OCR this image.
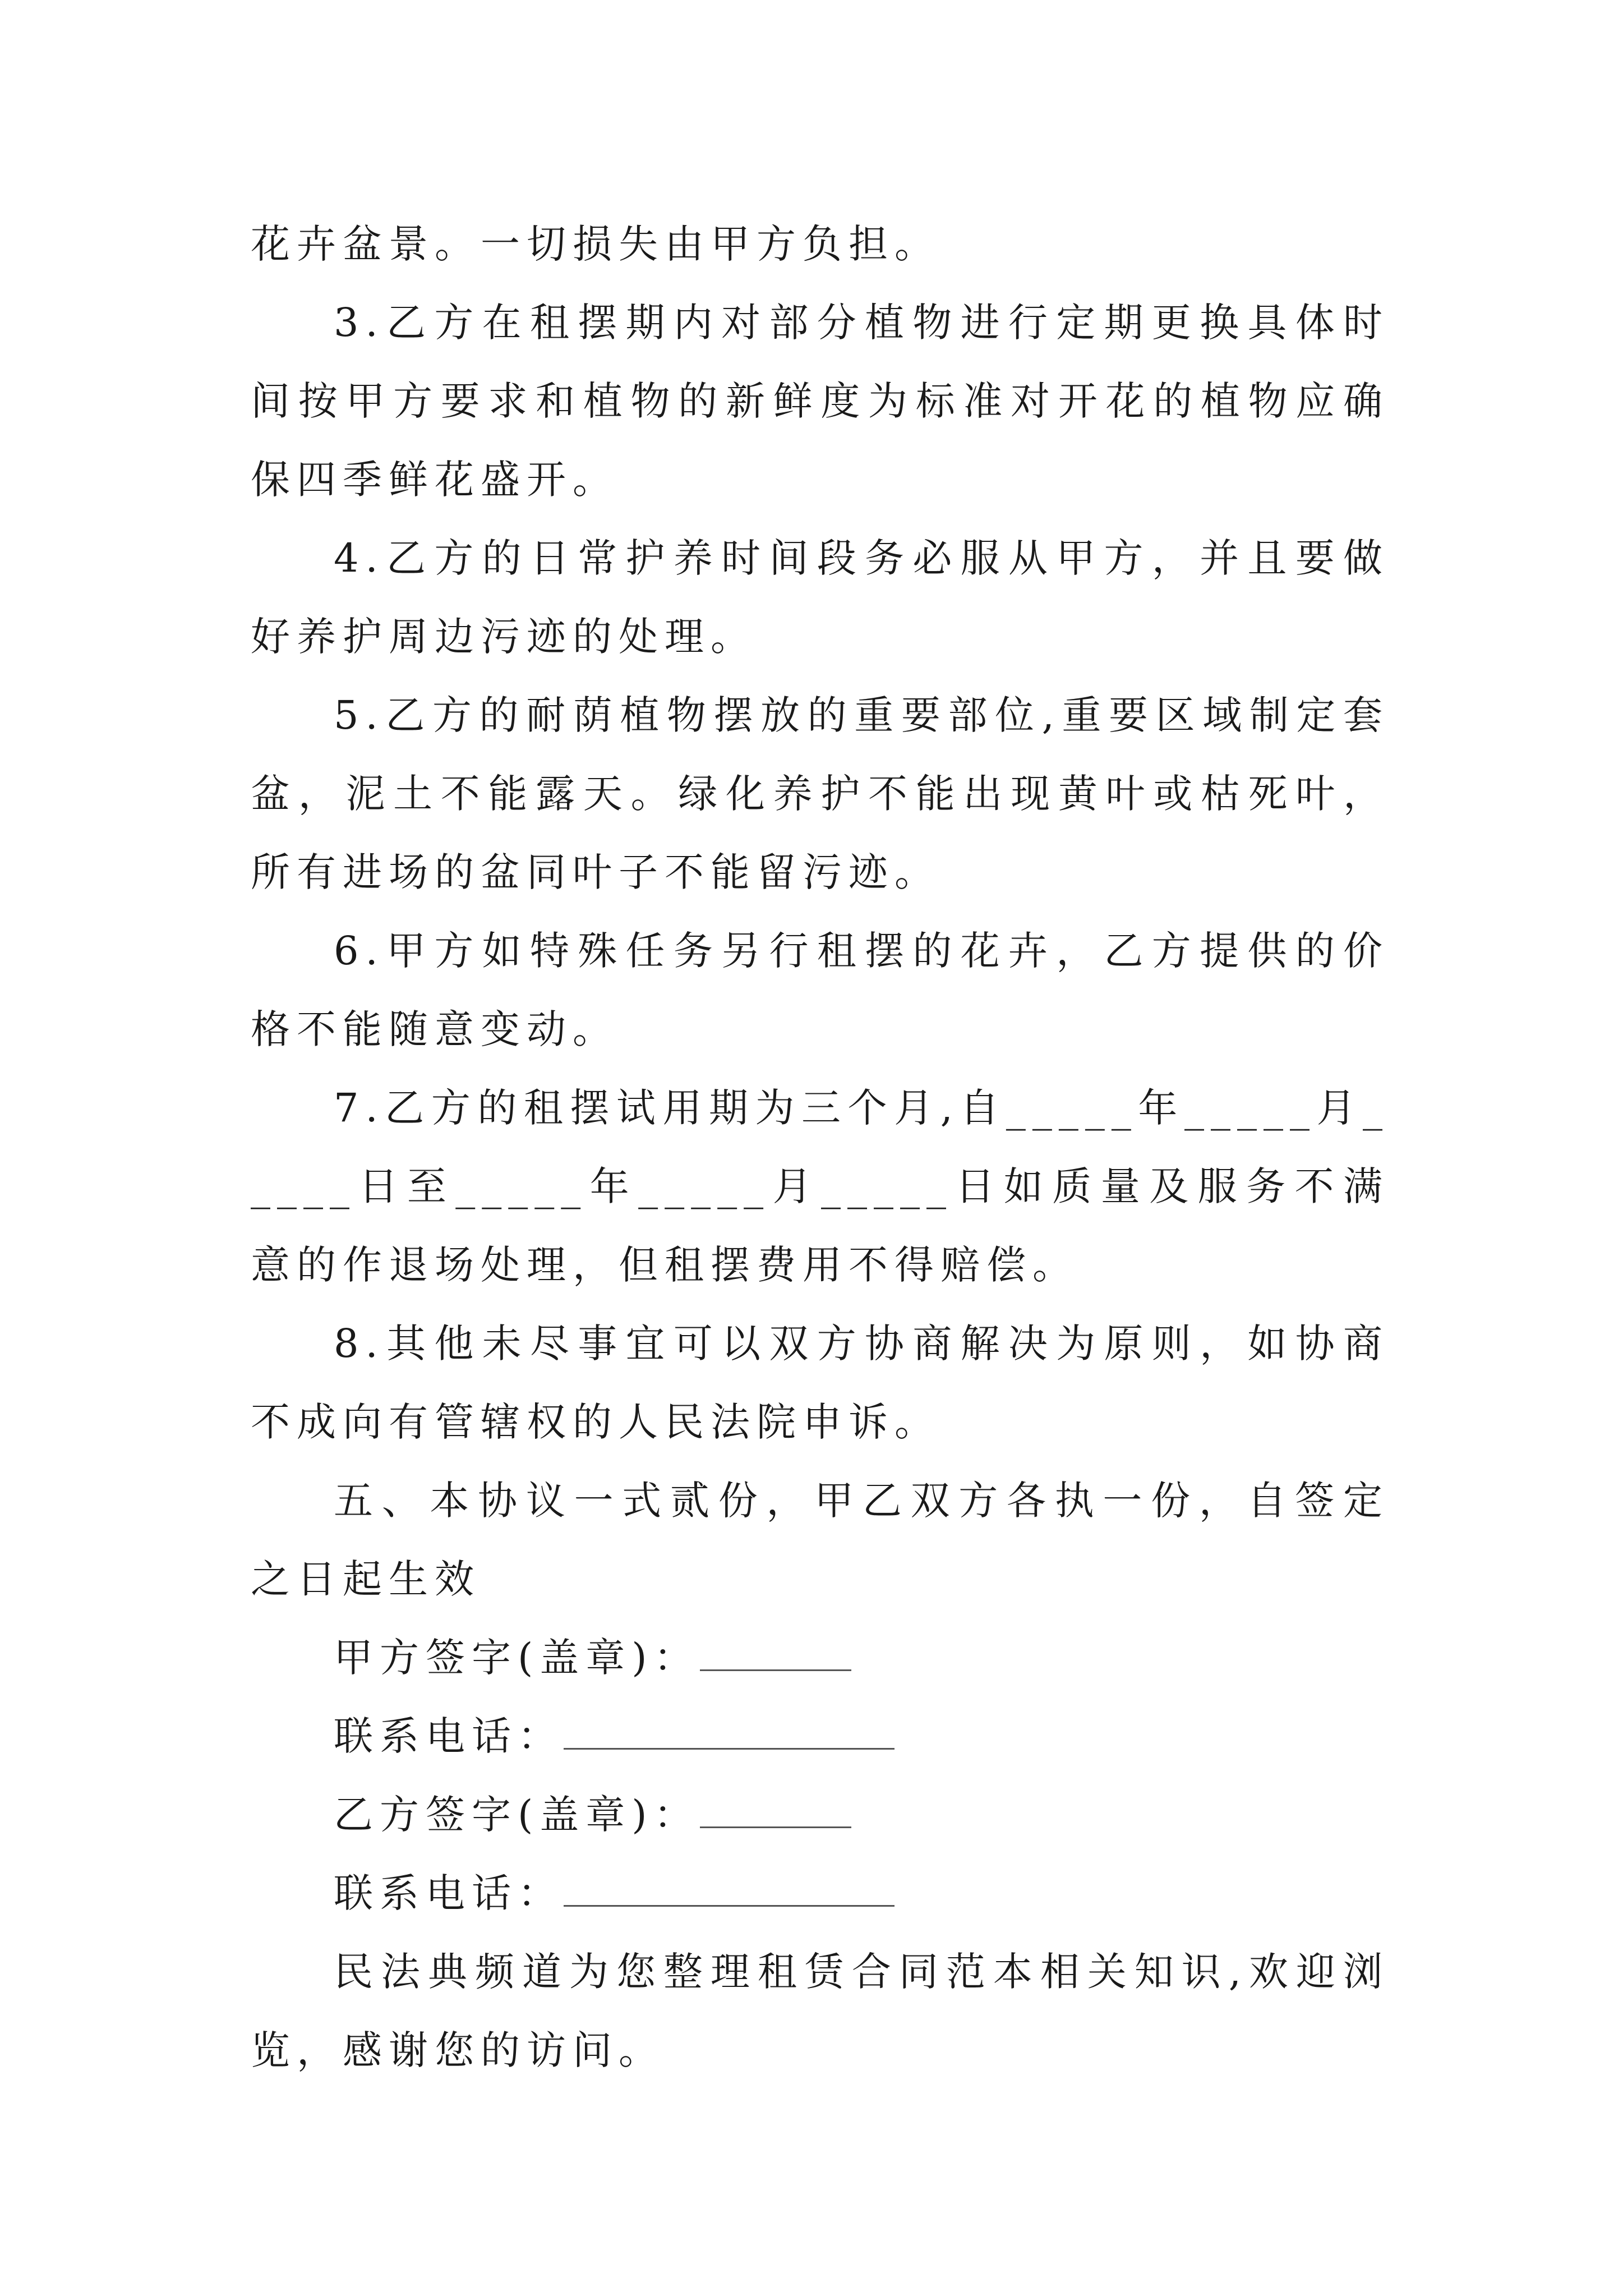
花卉盆景。一切损失由甲方负担。

3.乙方在租摆期内对部分植物进行定期更换具体时间按甲方要求和植物的新鲜度为标准对开花的植物应确保四季鲜花盛开。

4.乙方的日常护养时间段务必服从甲方，并且要做好养护周边污迹的处理。

5.乙方的耐荫植物摆放的重要部位,重要区域制定套盆，泥土不能露天。绿化养护不能出现黄叶或枯死叶，所有进场的盆同叶子不能留污迹。

6.甲方如特殊任务另行租摆的花卉，乙方提供的价格不能随意变动。

7.乙方的租摆试用期为三个月,自_____年_____月_____日至_____年_____月_____日如质量及服务不满意的作退场处理，但租摆费用不得赔偿。

8.其他未尽事宜可以双方协商解决为原则，如协商不成向有管辖权的人民法院申诉。

五、本协议一式贰份，甲乙双方各执一份，自签定之日起生效

甲方签字(盖章)：

联系电话：

乙方签字(盖章)：

联系电话：

民法典频道为您整理租赁合同范本相关知识,欢迎浏览，感谢您的访问。
